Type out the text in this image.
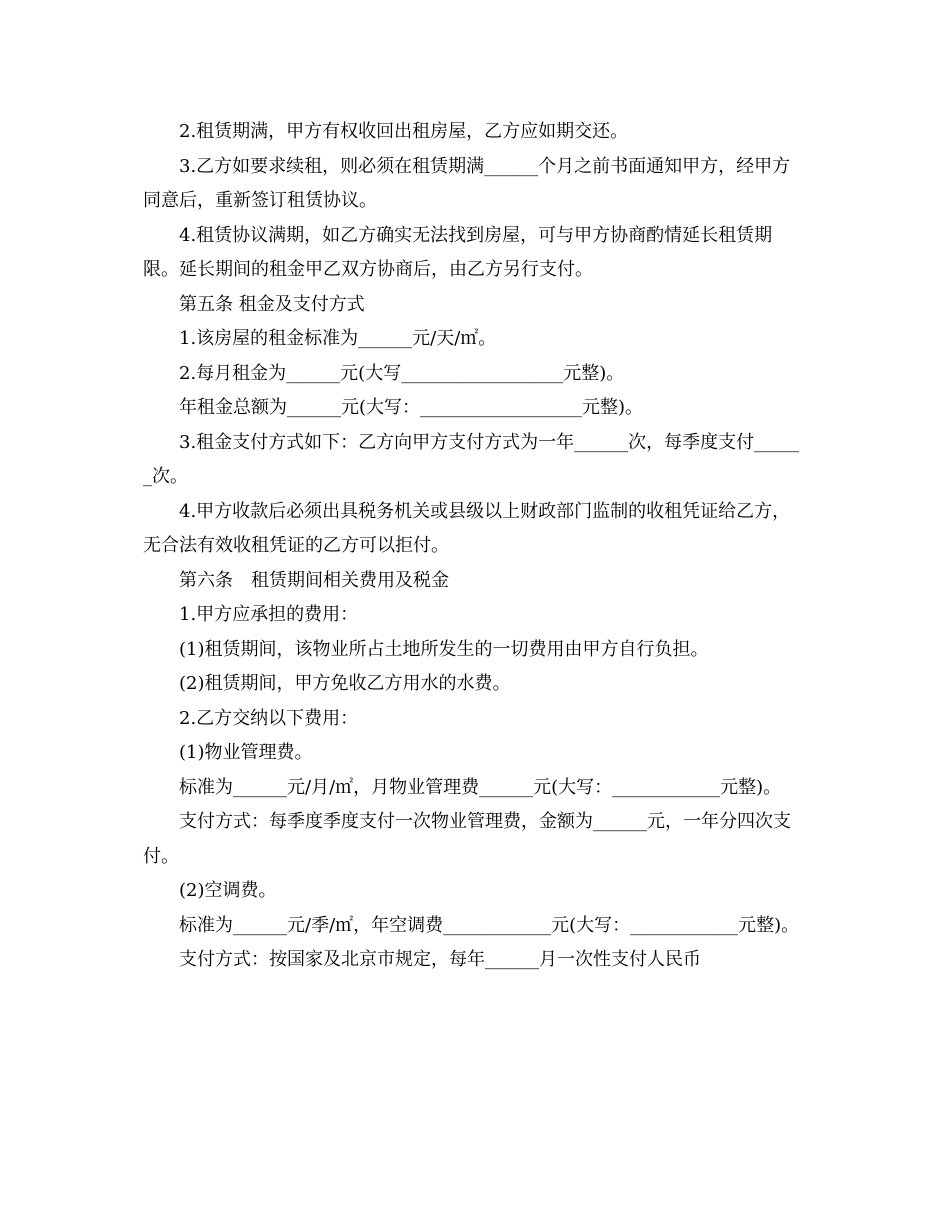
2.租赁期满，甲方有权收回出租房屋，乙方应如期交还。

3.乙方如要求续租，则必须在租赁期满______个月之前书面通知甲方，经甲方同意后，重新签订租赁协议。

4.租赁协议满期，如乙方确实无法找到房屋，可与甲方协商酌情延长租赁期限。延长期间的租金甲乙双方协商后，由乙方另行支付。

第五条 租金及支付方式

1.该房屋的租金标准为______元/天/㎡。

2.每月租金为______元(大写__________________元整)。

年租金总额为______元(大写：__________________元整)。

3.租金支付方式如下：乙方向甲方支付方式为一年______次，每季度支付______次。

4.甲方收款后必须出具税务机关或县级以上财政部门监制的收租凭证给乙方，无合法有效收租凭证的乙方可以拒付。

第六条　租赁期间相关费用及税金

1.甲方应承担的费用：

(1)租赁期间，该物业所占土地所发生的一切费用由甲方自行负担。

(2)租赁期间，甲方免收乙方用水的水费。

2.乙方交纳以下费用：

(1)物业管理费。

标准为______元/月/㎡，月物业管理费______元(大写：____________元整)。

支付方式：每季度季度支付一次物业管理费，金额为______元，一年分四次支付。

(2)空调费。

标准为______元/季/㎡，年空调费____________元(大写：____________元整)。

支付方式：按国家及北京市规定，每年______月一次性支付人民币
